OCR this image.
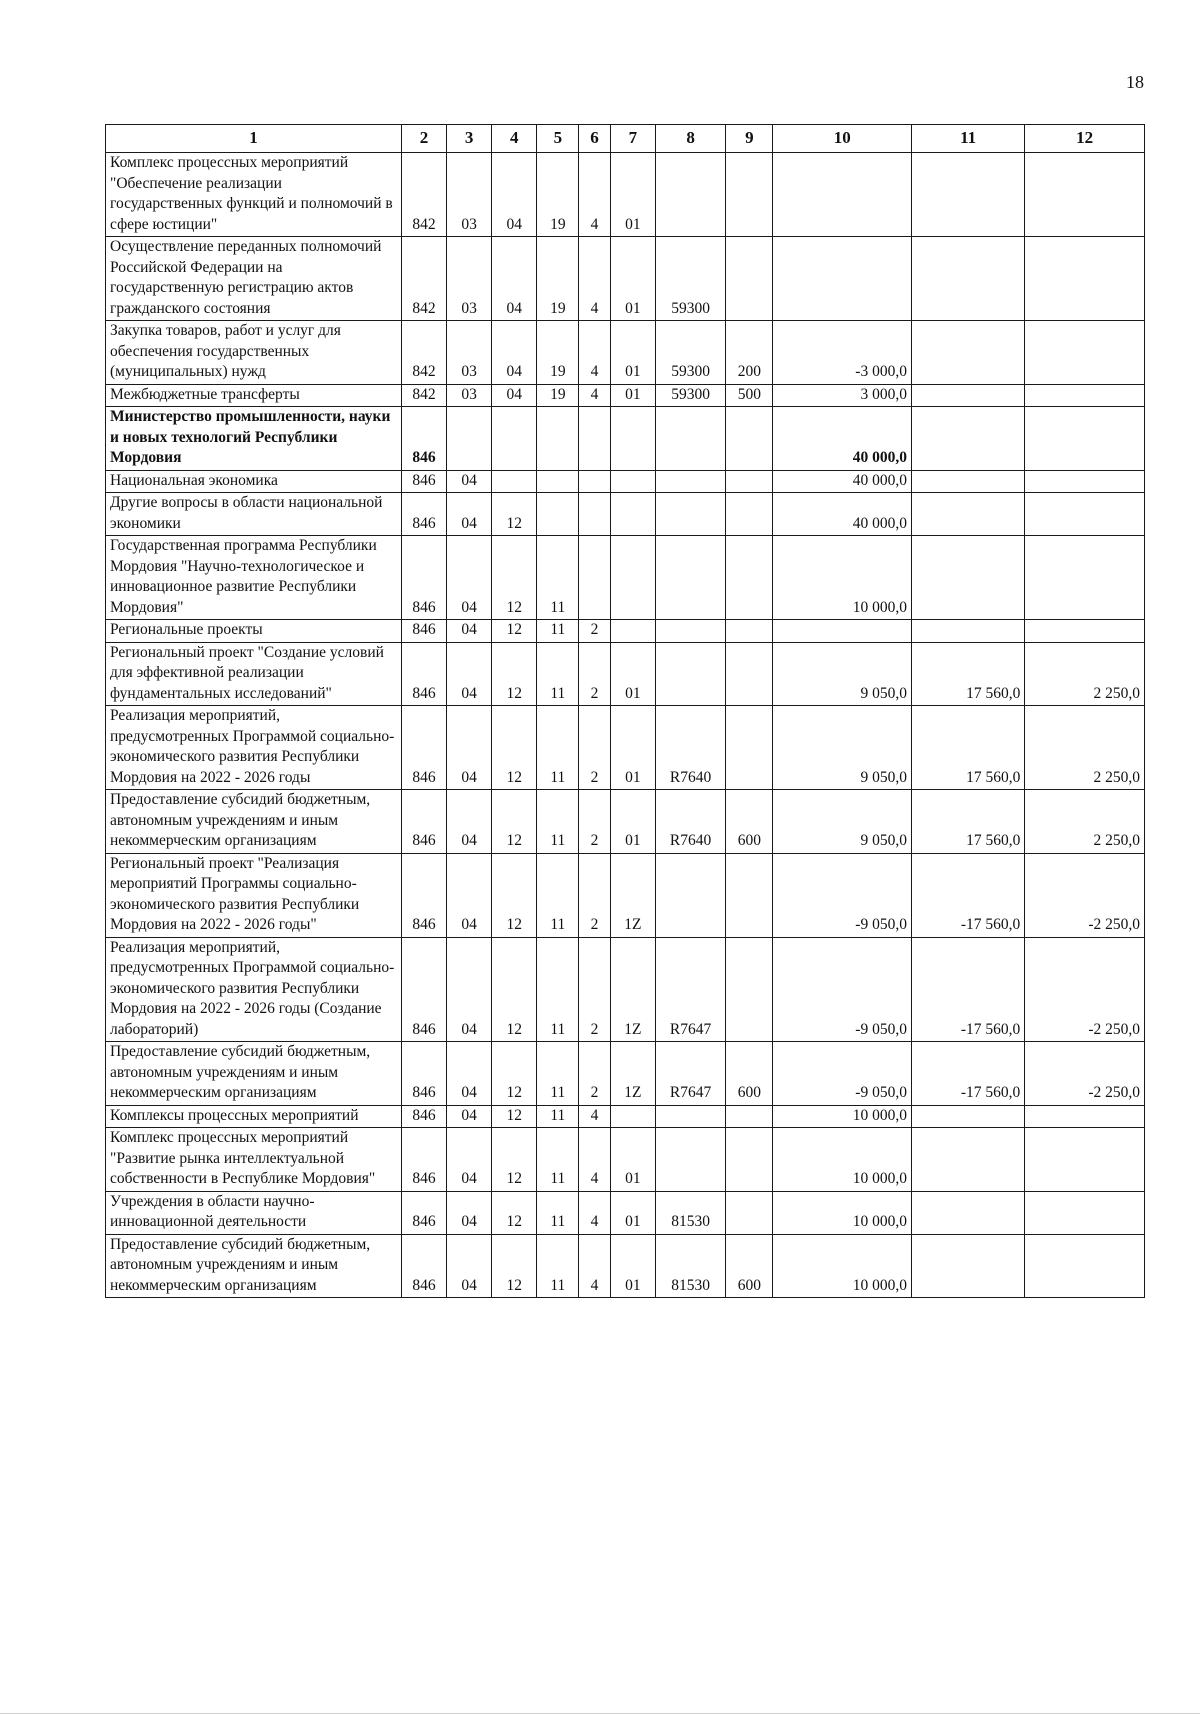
18
1	2	3	4	5	6	7	8	9	10	11	12
Комплекс процессных мероприятий "Обеспечение реализации государственных функций и полномочий в сфере юстиции"	842	03	04	19	4	01					
Осуществление переданных полномочий Российской Федерации на государственную регистрацию актов гражданского состояния	842	03	04	19	4	01	59300				
Закупка товаров, работ и услуг для обеспечения государственных (муниципальных) нужд	842	03	04	19	4	01	59300	200	-3 000,0		
Межбюджетные трансферты	842	03	04	19	4	01	59300	500	3 000,0		
Министерство промышленности, науки и новых технологий Республики Мордовия	846								40 000,0		
Национальная экономика	846	04							40 000,0		
Другие вопросы в области национальной экономики	846	04	12						40 000,0		
Государственная программа Республики Мордовия "Научно-технологическое и инновационное развитие Республики Мордовия"	846	04	12	11					10 000,0		
Региональные проекты	846	04	12	11	2						
Региональный проект "Создание условий для эффективной реализации фундаментальных исследований"	846	04	12	11	2	01			9 050,0	17 560,0	2 250,0
Реализация мероприятий, предусмотренных Программой социально-экономического развития Республики Мордовия на 2022 - 2026 годы	846	04	12	11	2	01	R7640		9 050,0	17 560,0	2 250,0
Предоставление субсидий бюджетным, автономным учреждениям и иным некоммерческим организациям	846	04	12	11	2	01	R7640	600	9 050,0	17 560,0	2 250,0
Региональный проект "Реализация мероприятий Программы социально-экономического развития Республики Мордовия на 2022 - 2026 годы"	846	04	12	11	2	1Z			-9 050,0	-17 560,0	-2 250,0
Реализация мероприятий, предусмотренных Программой социально-экономического развития Республики Мордовия на 2022 - 2026 годы (Создание лабораторий)	846	04	12	11	2	1Z	R7647		-9 050,0	-17 560,0	-2 250,0
Предоставление субсидий бюджетным, автономным учреждениям и иным некоммерческим организациям	846	04	12	11	2	1Z	R7647	600	-9 050,0	-17 560,0	-2 250,0
Комплексы процессных мероприятий	846	04	12	11	4				10 000,0		
Комплекс процессных мероприятий "Развитие рынка интеллектуальной собственности в Республике Мордовия"	846	04	12	11	4	01			10 000,0		
Учреждения в области научно-инновационной деятельности	846	04	12	11	4	01	81530		10 000,0		
Предоставление субсидий бюджетным, автономным учреждениям и иным некоммерческим организациям	846	04	12	11	4	01	81530	600	10 000,0		
